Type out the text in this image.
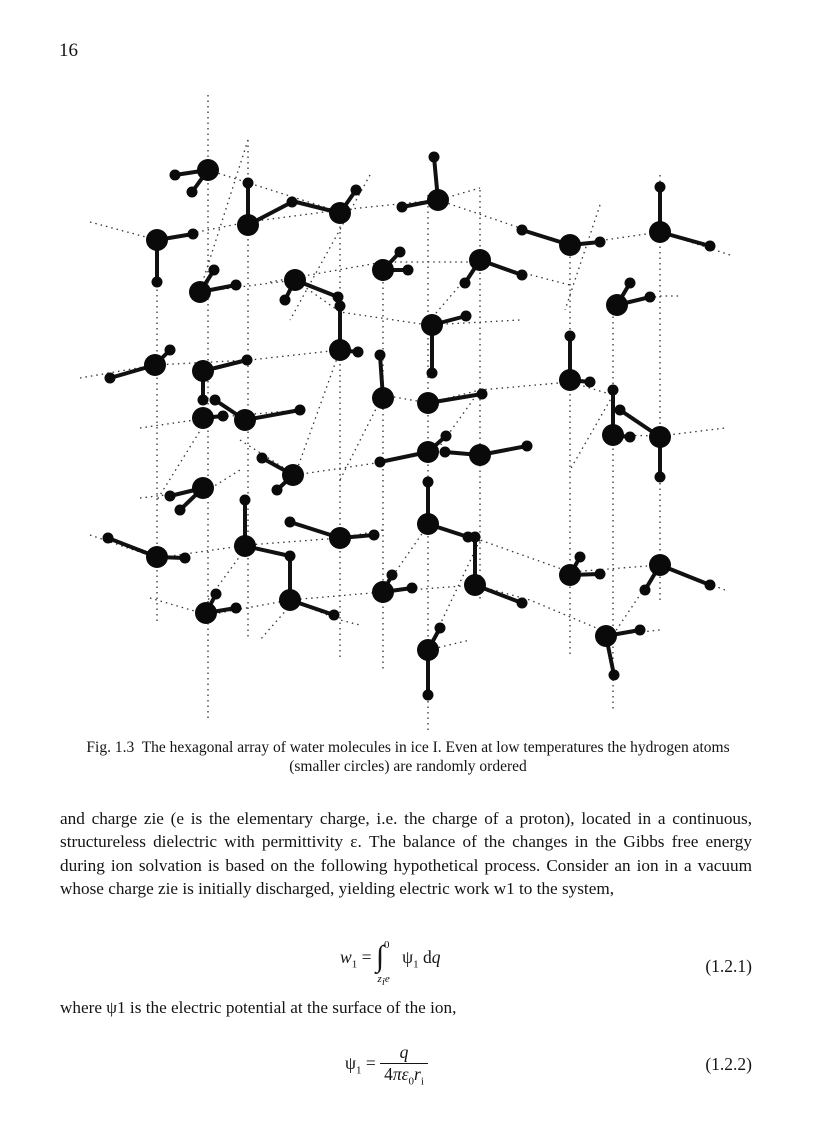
16
Fig. 1.3 The hexagonal array of water molecules in ice I. Even at low temperatures the hydrogen atoms (smaller circles) are randomly ordered
and charge zie (e is the elementary charge, i.e. the charge of a proton), located in a continuous, structureless dielectric with permittivity ε. The balance of the changes in the Gibbs free energy during ion solvation is based on the following hypothetical process. Consider an ion in a vacuum whose charge zie is initially discharged, yielding electric work w1 to the system,
$w_1 = \int^0_{z_ie}$ $\psi_1$ dq	(1.2.1)
where ψ1 is the electric potential at the surface of the ion,
$\psi_1 = \frac{q}{4\pi\varepsilon_0r_i}$	(1.2.2)
